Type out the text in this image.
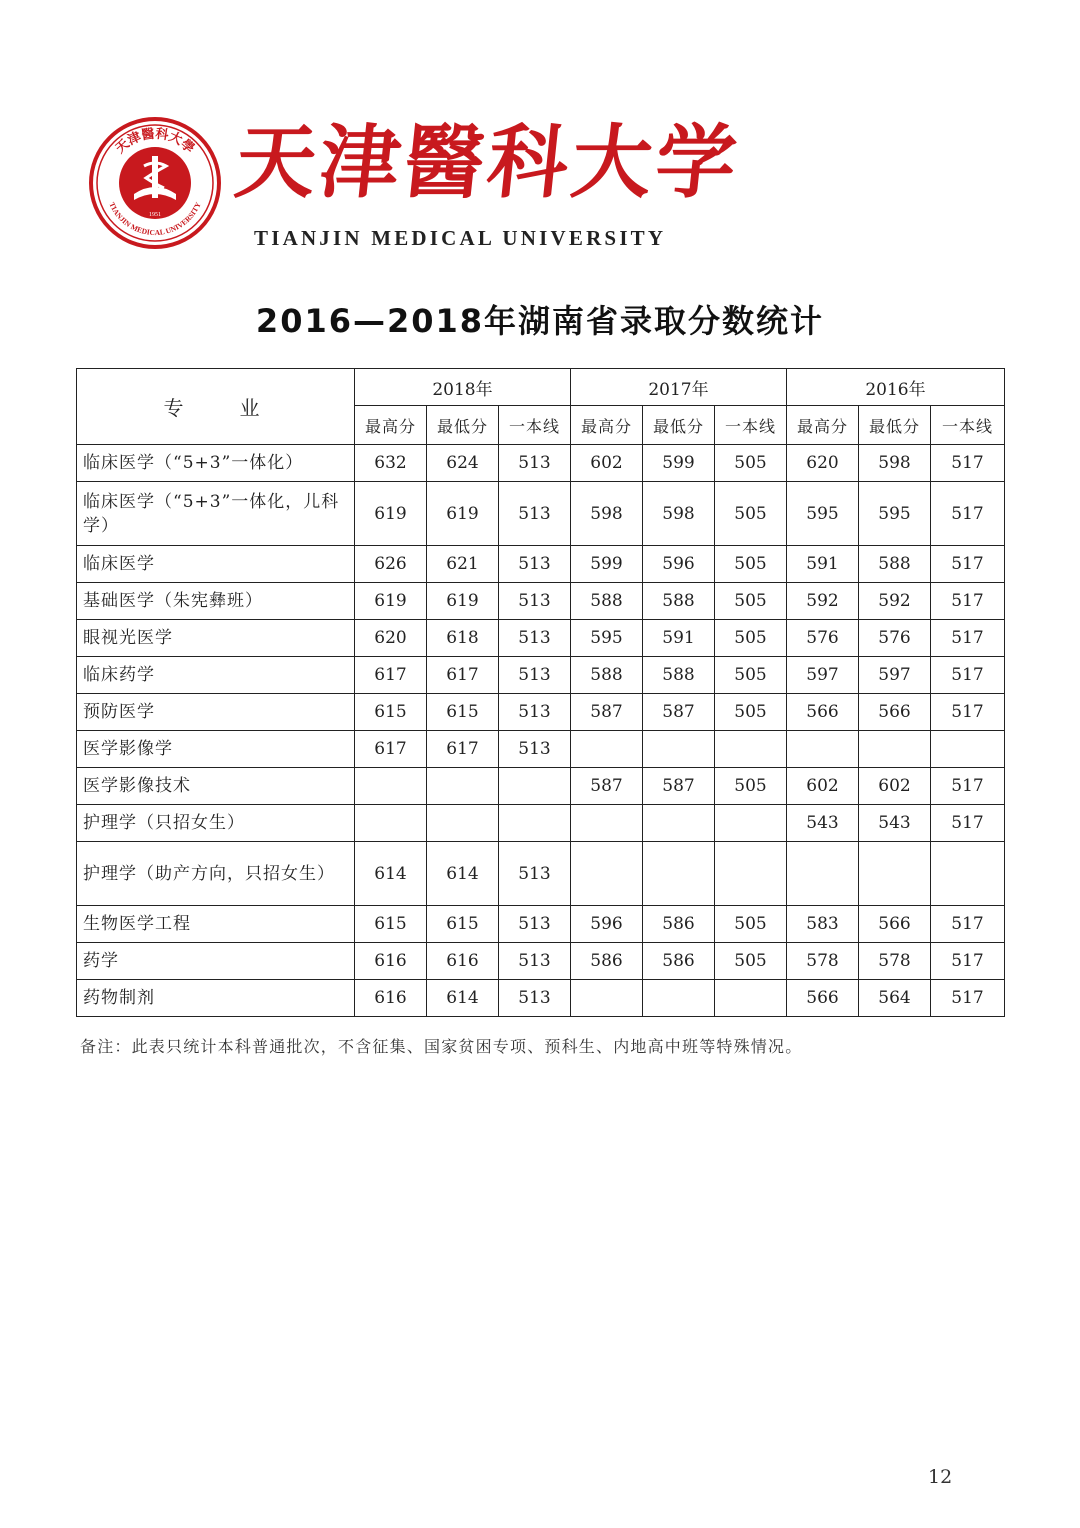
天津醫科大學
TIANJIN MEDICAL UNIVERSITY
1951
天津醫科大学
TIANJIN MEDICAL UNIVERSITY
2016—2018年湖南省录取分数统计
专业	2018年			2017年			2016年		
	最高分	最低分	一本线	最高分	最低分	一本线	最高分	最低分	一本线
临床医学（“5+3”一体化）	632	624	513	602	599	505	620	598	517
临床医学（“5+3”一体化，儿科学）	619	619	513	598	598	505	595	595	517
临床医学	626	621	513	599	596	505	591	588	517
基础医学（朱宪彝班）	619	619	513	588	588	505	592	592	517
眼视光医学	620	618	513	595	591	505	576	576	517
临床药学	617	617	513	588	588	505	597	597	517
预防医学	615	615	513	587	587	505	566	566	517
医学影像学	617	617	513						
医学影像技术				587	587	505	602	602	517
护理学（只招女生）							543	543	517
护理学（助产方向，只招女生）	614	614	513						
生物医学工程	615	615	513	596	586	505	583	566	517
药学	616	616	513	586	586	505	578	578	517
药物制剂	616	614	513				566	564	517
备注：此表只统计本科普通批次，不含征集、国家贫困专项、预科生、内地高中班等特殊情况。
12
